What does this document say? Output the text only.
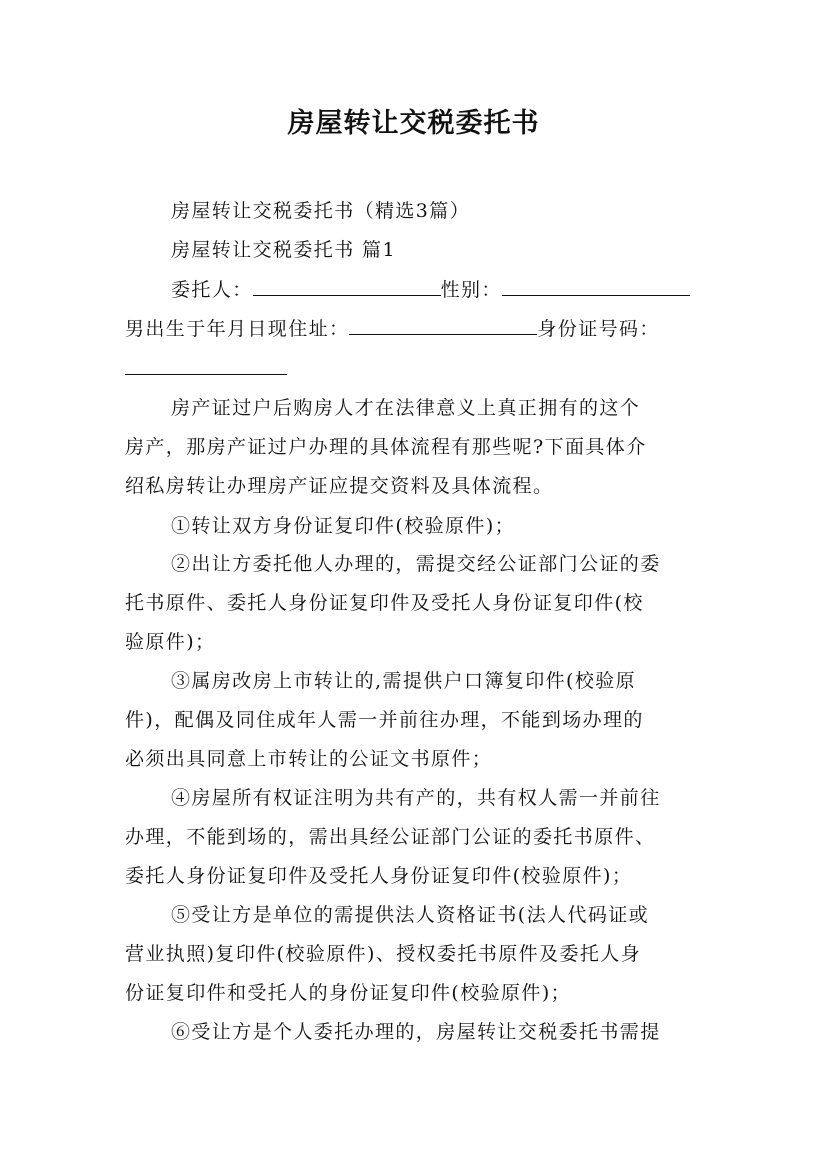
房屋转让交税委托书
房屋转让交税委托书（精选3篇）
房屋转让交税委托书 篇1
委托人：	性别：
男出生于年月日现住址：	身份证号码：
房产证过户后购房人才在法律意义上真正拥有的这个
房产，那房产证过户办理的具体流程有那些呢?下面具体介
绍私房转让办理房产证应提交资料及具体流程。
①转让双方身份证复印件(校验原件)；
②出让方委托他人办理的，需提交经公证部门公证的委
托书原件、委托人身份证复印件及受托人身份证复印件(校
验原件)；
③属房改房上市转让的,需提供户口簿复印件(校验原
件)，配偶及同住成年人需一并前往办理，不能到场办理的
必须出具同意上市转让的公证文书原件；
④房屋所有权证注明为共有产的，共有权人需一并前往
办理，不能到场的，需出具经公证部门公证的委托书原件、
委托人身份证复印件及受托人身份证复印件(校验原件)；
⑤受让方是单位的需提供法人资格证书(法人代码证或
营业执照)复印件(校验原件)、授权委托书原件及委托人身
份证复印件和受托人的身份证复印件(校验原件)；
⑥受让方是个人委托办理的，房屋转让交税委托书需提
